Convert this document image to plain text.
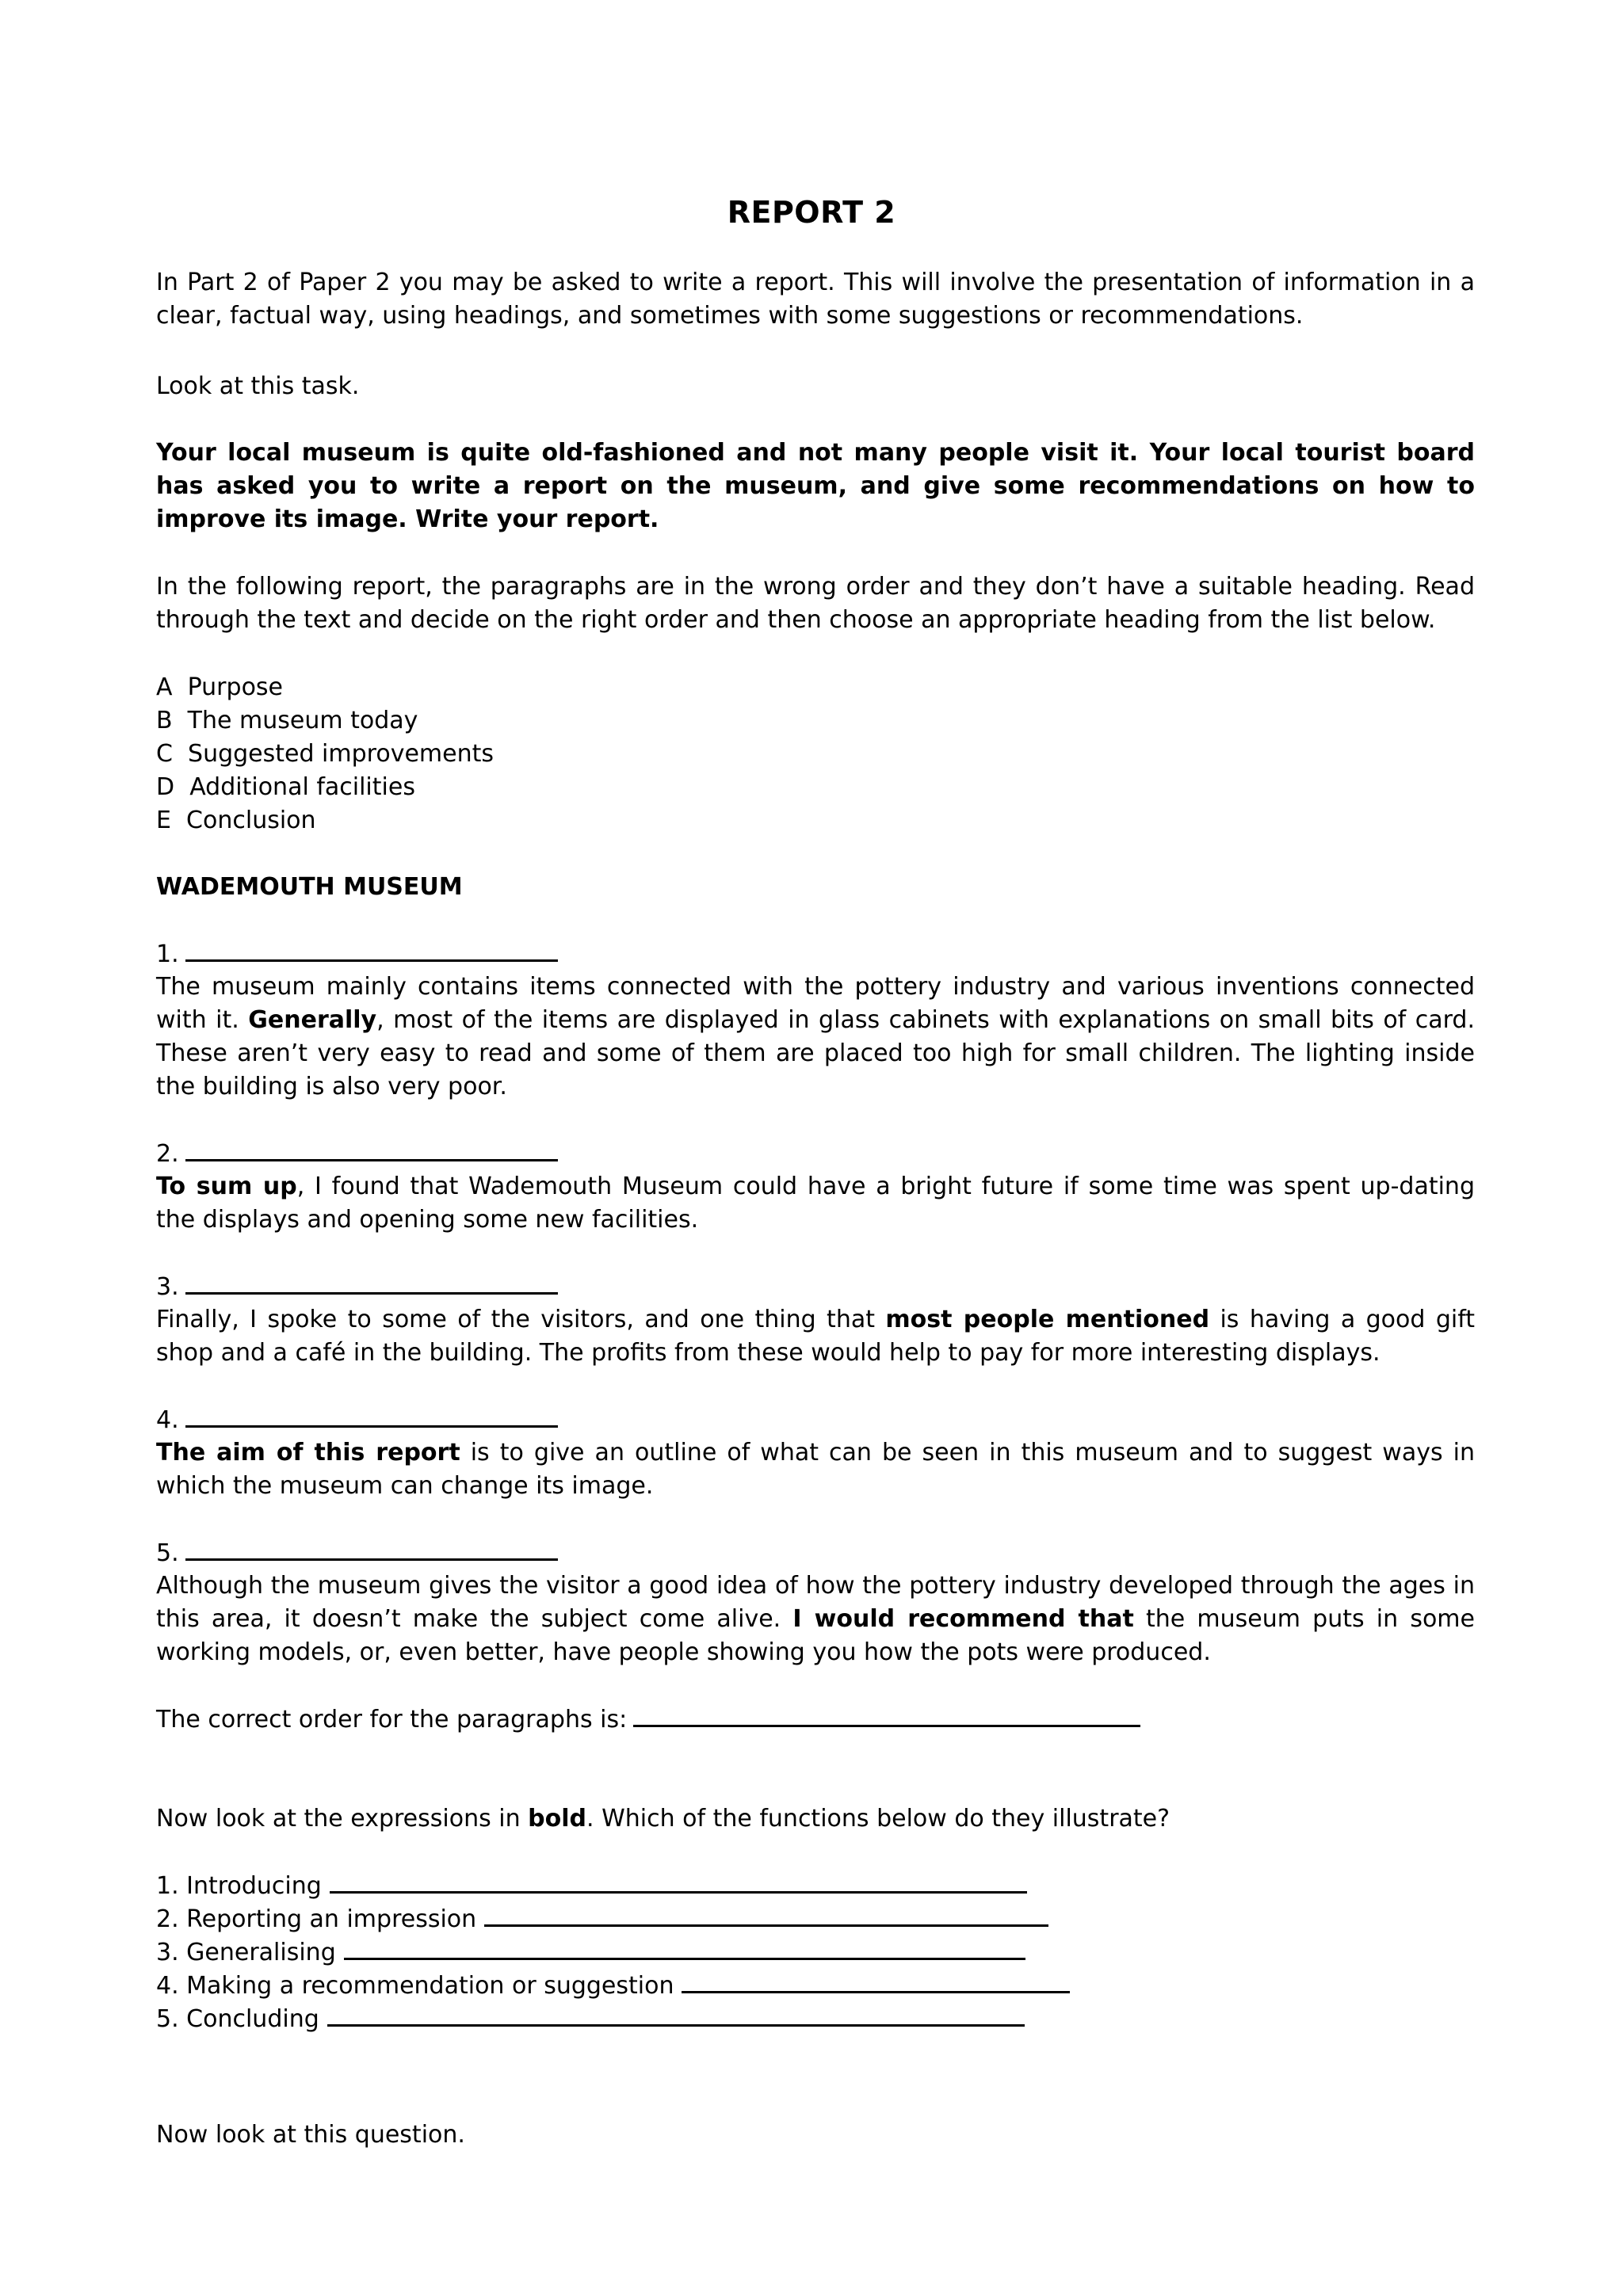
REPORT 2
In Part 2 of Paper 2 you may be asked to write a report. This will involve the presentation of information in a clear, factual way, using headings, and sometimes with some suggestions or recommendations.
Look at this task.
Your local museum is quite old-fashioned and not many people visit it. Your local tourist board has asked you to write a report on the museum, and give some recommendations on how to improve its image. Write your report.
In the following report, the paragraphs are in the wrong order and they don’t have a suitable heading. Read through the text and decide on the right order and then choose an appropriate heading from the list below.
A Purpose
B The museum today
C Suggested improvements
D Additional facilities
E Conclusion
WADEMOUTH MUSEUM
1.
The museum mainly contains items connected with the pottery industry and various inventions connected with it. Generally, most of the items are displayed in glass cabinets with explanations on small bits of card. These aren’t very easy to read and some of them are placed too high for small children. The lighting inside the building is also very poor.
2.
To sum up, I found that Wademouth Museum could have a bright future if some time was spent up-dating the displays and opening some new facilities.
3.
Finally, I spoke to some of the visitors, and one thing that most people mentioned is having a good gift shop and a café in the building. The profits from these would help to pay for more interesting displays.
4.
The aim of this report is to give an outline of what can be seen in this museum and to suggest ways in which the museum can change its image.
5.
Although the museum gives the visitor a good idea of how the pottery industry developed through the ages in this area, it doesn’t make the subject come alive. I would recommend that the museum puts in some working models, or, even better, have people showing you how the pots were produced.
The correct order for the paragraphs is:
Now look at the expressions in bold. Which of the functions below do they illustrate?
1. Introducing
2. Reporting an impression
3. Generalising
4. Making a recommendation or suggestion
5. Concluding
Now look at this question.
